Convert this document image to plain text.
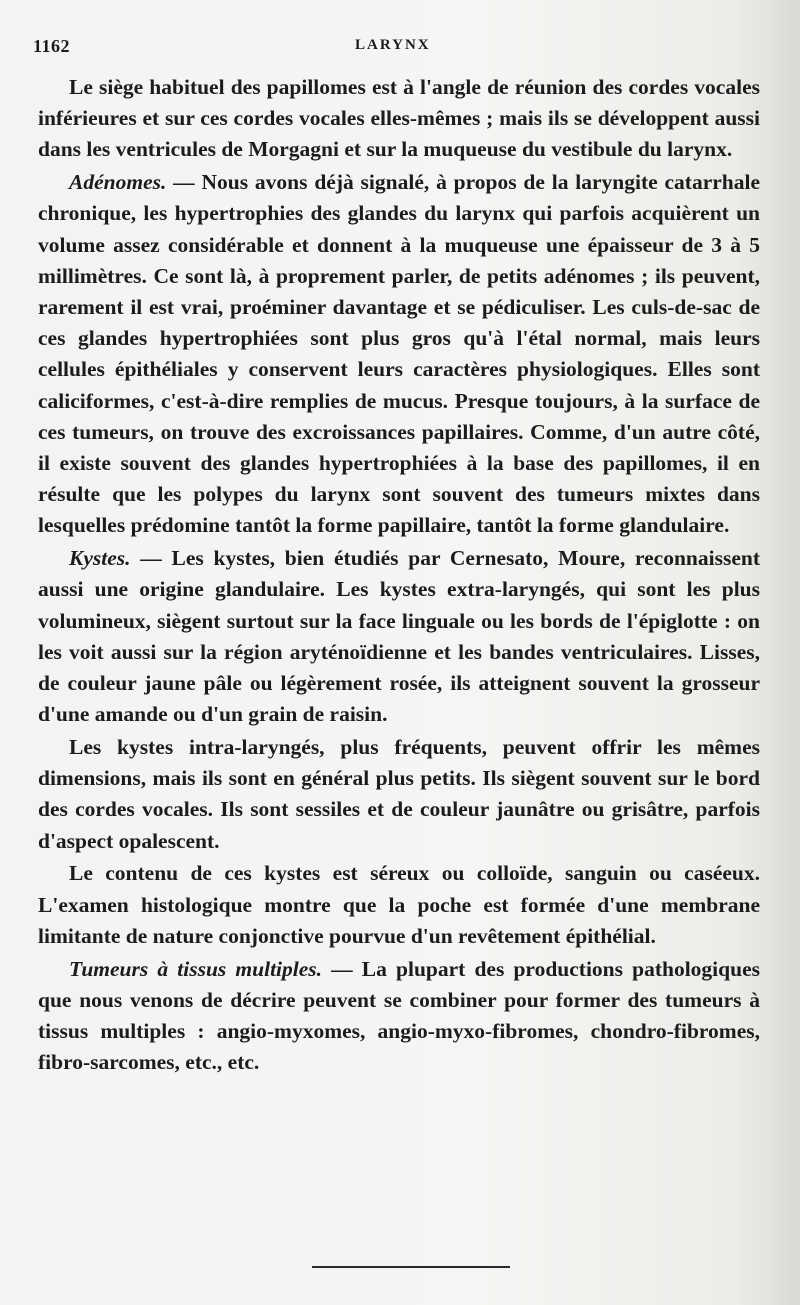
1162	LARYNX

Le siège habituel des papillomes est à l'angle de réunion des cordes vocales inférieures et sur ces cordes vocales elles-mêmes ; mais ils se développent aussi dans les ventricules de Morgagni et sur la muqueuse du vestibule du larynx.

Adénomes. — Nous avons déjà signalé, à propos de la laryngite catarrhale chronique, les hypertrophies des glandes du larynx qui parfois acquièrent un volume assez considérable et donnent à la muqueuse une épaisseur de 3 à 5 millimètres. Ce sont là, à proprement parler, de petits adénomes ; ils peuvent, rarement il est vrai, proéminer davantage et se pédiculiser. Les culs-de-sac de ces glandes hypertrophiées sont plus gros qu'à l'étal normal, mais leurs cellules épithéliales y conservent leurs caractères physiologiques. Elles sont caliciformes, c'est-à-dire remplies de mucus. Presque toujours, à la surface de ces tumeurs, on trouve des excroissances papillaires. Comme, d'un autre côté, il existe souvent des glandes hypertrophiées à la base des papillomes, il en résulte que les polypes du larynx sont souvent des tumeurs mixtes dans lesquelles prédomine tantôt la forme papillaire, tantôt la forme glandulaire.

Kystes. — Les kystes, bien étudiés par Cernesato, Moure, reconnaissent aussi une origine glandulaire. Les kystes extra-laryngés, qui sont les plus volumineux, siègent surtout sur la face linguale ou les bords de l'épiglotte : on les voit aussi sur la région aryténoïdienne et les bandes ventriculaires. Lisses, de couleur jaune pâle ou légèrement rosée, ils atteignent souvent la grosseur d'une amande ou d'un grain de raisin.

Les kystes intra-laryngés, plus fréquents, peuvent offrir les mêmes dimensions, mais ils sont en général plus petits. Ils siègent souvent sur le bord des cordes vocales. Ils sont sessiles et de couleur jaunâtre ou grisâtre, parfois d'aspect opalescent.

Le contenu de ces kystes est séreux ou colloïde, sanguin ou caséeux. L'examen histologique montre que la poche est formée d'une membrane limitante de nature conjonctive pourvue d'un revêtement épithélial.

Tumeurs à tissus multiples. — La plupart des productions pathologiques que nous venons de décrire peuvent se combiner pour former des tumeurs à tissus multiples : angio-myxomes, angio-myxo-fibromes, chondro-fibromes, fibro-sarcomes, etc., etc.
